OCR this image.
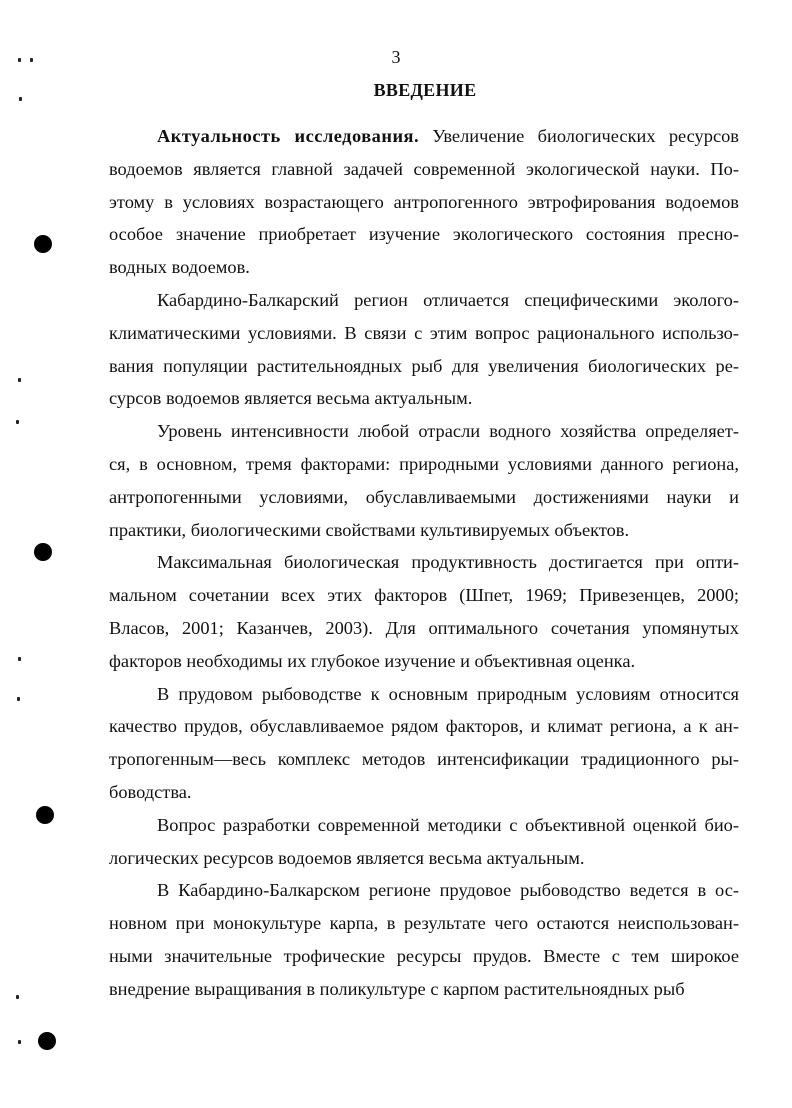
3
ВВЕДЕНИЕ
Актуальность исследования. Увеличение биологических ресурсов
водоемов является главной задачей современной экологической науки. По-
этому в условиях возрастающего антропогенного эвтрофирования водоемов
особое значение приобретает изучение экологического состояния пресно-
водных водоемов.
Кабардино-Балкарский регион отличается специфическими эколого-
климатическими условиями. В связи с этим вопрос рационального использо-
вания популяции растительноядных рыб для увеличения биологических ре-
сурсов водоемов является весьма актуальным.
Уровень интенсивности любой отрасли водного хозяйства определяет-
ся, в основном, тремя факторами: природными условиями данного региона,
антропогенными условиями, обуславливаемыми достижениями науки и
практики, биологическими свойствами культивируемых объектов.
Максимальная биологическая продуктивность достигается при опти-
мальном сочетании всех этих факторов (Шпет, 1969; Привезенцев, 2000;
Власов, 2001; Казанчев, 2003). Для оптимального сочетания упомянутых
факторов необходимы их глубокое изучение и объективная оценка.
В прудовом рыбоводстве к основным природным условиям относится
качество прудов, обуславливаемое рядом факторов, и климат региона, а к ан-
тропогенным—весь комплекс методов интенсификации традиционного ры-
боводства.
Вопрос разработки современной методики с объективной оценкой био-
логических ресурсов водоемов является весьма актуальным.
В Кабардино-Балкарском регионе прудовое рыбоводство ведется в ос-
новном при монокультуре карпа, в результате чего остаются неиспользован-
ными значительные трофические ресурсы прудов. Вместе с тем широкое
внедрение выращивания в поликультуре с карпом растительноядных рыб
